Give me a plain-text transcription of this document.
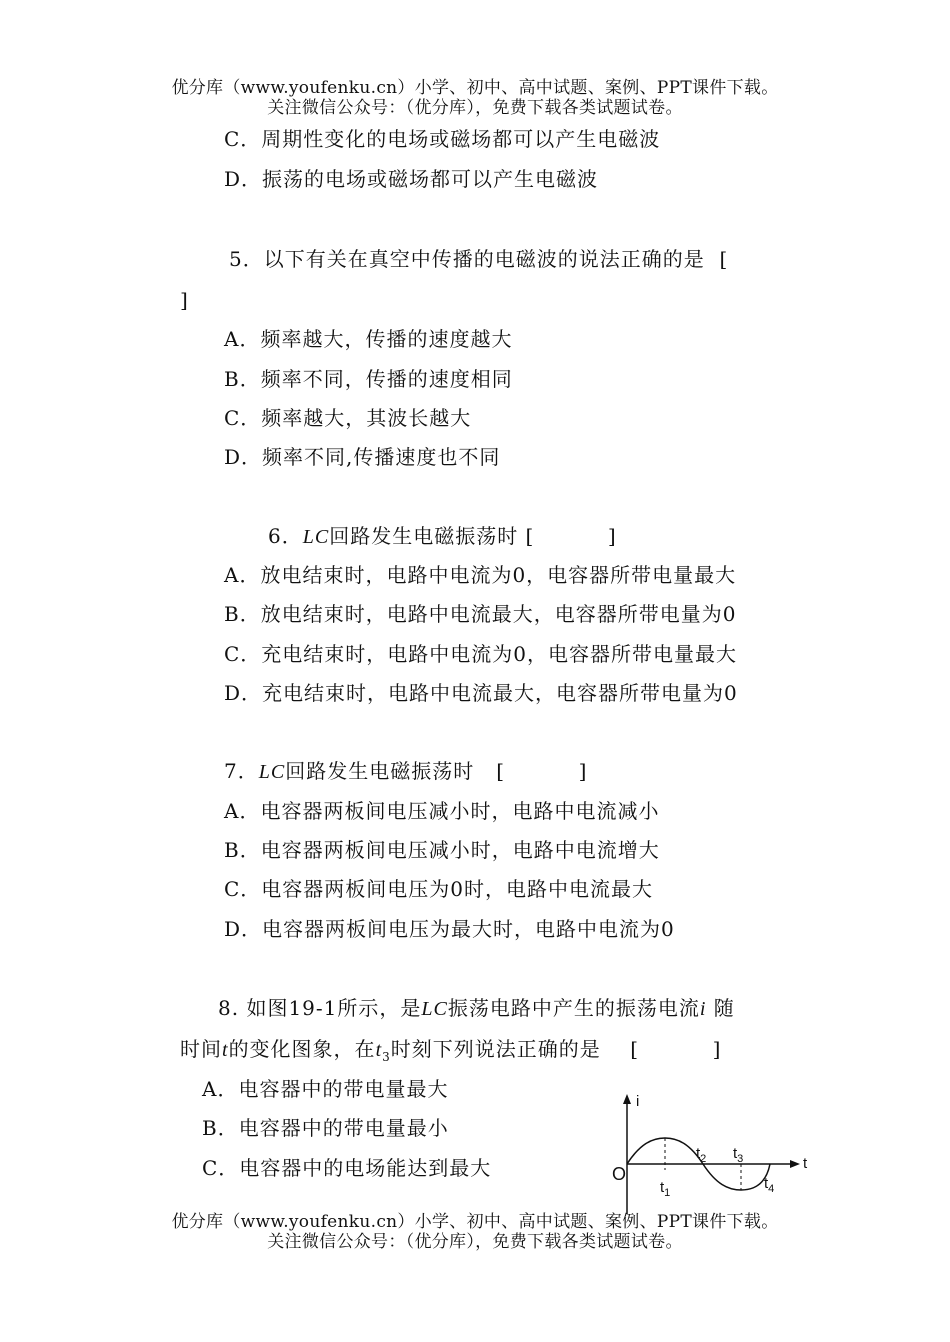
优分库（www.youfenku.cn）小学、初中、高中试题、案例、PPT课件下载。
关注微信公众号：（优分库），免费下载各类试题试卷。
C．周期性变化的电场或磁场都可以产生电磁波
D．振荡的电场或磁场都可以产生电磁波
5．以下有关在真空中传播的电磁波的说法正确的是  [
]
A．频率越大，传播的速度越大
B．频率不同，传播的速度相同
C．频率越大，其波长越大
D．频率不同,传播速度也不同
6．LC回路发生电磁振荡时 [          ]
A．放电结束时，电路中电流为0，电容器所带电量最大
B．放电结束时，电路中电流最大，电容器所带电量为0
C．充电结束时，电路中电流为0，电容器所带电量最大
D．充电结束时，电路中电流最大，电容器所带电量为0
7．LC回路发生电磁振荡时   [          ]
A．电容器两板间电压减小时，电路中电流减小
B．电容器两板间电压减小时，电路中电流增大
C．电容器两板间电压为0时，电路中电流最大
D．电容器两板间电压为最大时，电路中电流为0
8. 如图19-1所示，是LC振荡电路中产生的振荡电流i 随
时间t的变化图象，在$t_3$时刻下列说法正确的是    [          ]
A．电容器中的带电量最大
B．电容器中的带电量最小
C．电容器中的电场能达到最大
i
t
O
$t_1$
$t_2$ $t_3$
$t_4$
优分库（www.youfenku.cn）小学、初中、高中试题、案例、PPT课件下载。
关注微信公众号：（优分库），免费下载各类试题试卷。
